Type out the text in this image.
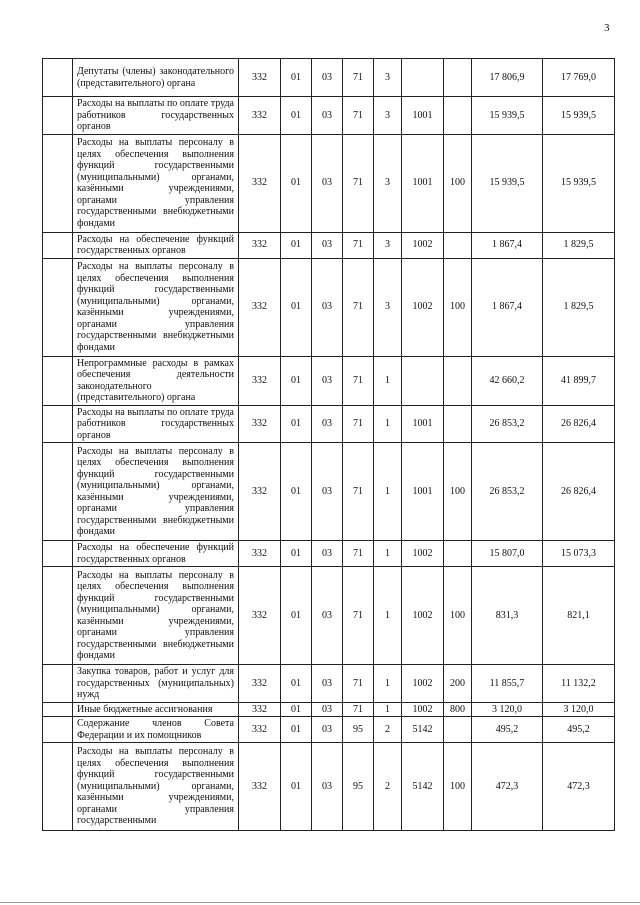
3
	Депутаты (члены) законодательного (представительного) органа	332	01	03	71	3			17 806,9	17 769,0
	Расходы на выплаты по оплате труда работников государственных органов	332	01	03	71	3	1001		15 939,5	15 939,5
	Расходы на выплаты персоналу в целях обеспечения выполнения функций государственными (муниципальными) органами, казёнными учреждениями, органами управления государственными внебюджетными фондами	332	01	03	71	3	1001	100	15 939,5	15 939,5
	Расходы на обеспечение функций государственных органов	332	01	03	71	3	1002		1 867,4	1 829,5
	Расходы на выплаты персоналу в целях обеспечения выполнения функций государственными (муниципальными) органами, казёнными учреждениями, органами управления государственными внебюджетными фондами	332	01	03	71	3	1002	100	1 867,4	1 829,5
	Непрограммные расходы в рамках обеспечения деятельности законодательного (представительного) органа	332	01	03	71	1			42 660,2	41 899,7
	Расходы на выплаты по оплате труда работников государственных органов	332	01	03	71	1	1001		26 853,2	26 826,4
	Расходы на выплаты персоналу в целях обеспечения выполнения функций государственными (муниципальными) органами, казёнными учреждениями, органами управления государственными внебюджетными фондами	332	01	03	71	1	1001	100	26 853,2	26 826,4
	Расходы на обеспечение функций государственных органов	332	01	03	71	1	1002		15 807,0	15 073,3
	Расходы на выплаты персоналу в целях обеспечения выполнения функций государственными (муниципальными) органами, казёнными учреждениями, органами управления государственными внебюджетными фондами	332	01	03	71	1	1002	100	831,3	821,1
	Закупка товаров, работ и услуг для государственных (муниципальных) нужд	332	01	03	71	1	1002	200	11 855,7	11 132,2
	Иные бюджетные ассигнования	332	01	03	71	1	1002	800	3 120,0	3 120,0
	Содержание членов Совета Федерации и их помощников	332	01	03	95	2	5142		495,2	495,2
	Расходы на выплаты персоналу в целях обеспечения выполнения функций государственными (муниципальными) органами, казёнными учреждениями, органами управления государственными	332	01	03	95	2	5142	100	472,3	472,3
